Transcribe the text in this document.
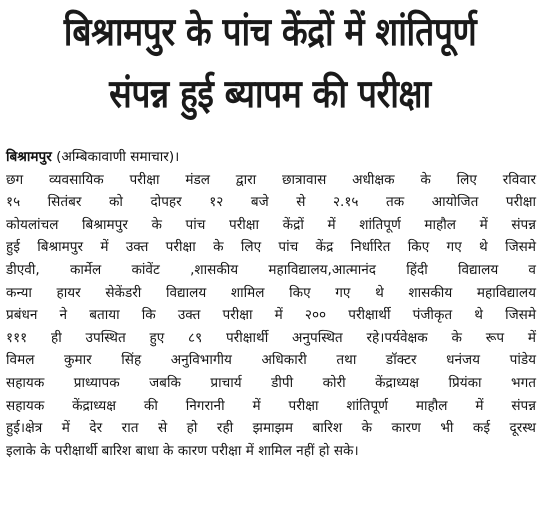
बिश्रामपुर के पांच केंद्रों में शांतिपूर्ण
संपन्न हुई ब्यापम की परीक्षा
बिश्रामपुर (अम्बिकावाणी समाचार)।
छग व्यवसायिक परीक्षा मंडल द्वारा छात्रावास अधीक्षक के लिए रविवार
१५ सितंबर को दोपहर १२ बजे से २.१५ तक आयोजित परीक्षा
कोयलांचल बिश्रामपुर के पांच परीक्षा केंद्रों में शांतिपूर्ण माहौल में संपन्न
हुई बिश्रामपुर में उक्त परीक्षा के लिए पांच केंद्र निर्धारित किए गए थे जिसमे
डीएवी, कार्मेल कांवेंट ,शासकीय महाविद्यालय,आत्मानंद हिंदी विद्यालय व
कन्या हायर सेकेंडरी विद्यालय शामिल किए गए थे शासकीय महाविद्यालय
प्रबंधन ने बताया कि उक्त परीक्षा में २०० परीक्षार्थी पंजीकृत थे जिसमे
१११ ही उपस्थित हुए ८९ परीक्षार्थी अनुपस्थित रहे।पर्यवेक्षक के रूप में
विमल कुमार सिंह अनुविभागीय अधिकारी तथा डॉक्टर धनंजय पांडेय
सहायक प्राध्यापक जबकि प्राचार्य डीपी कोरी केंद्राध्यक्ष प्रियंका भगत
सहायक केंद्राध्यक्ष की निगरानी में परीक्षा शांतिपूर्ण माहौल में संपन्न
हुई।क्षेत्र में देर रात से हो रही झमाझम बारिश के कारण भी कई दूरस्थ
इलाके के परीक्षार्थी बारिश बाधा के कारण परीक्षा में शामिल नहीं हो सके।
